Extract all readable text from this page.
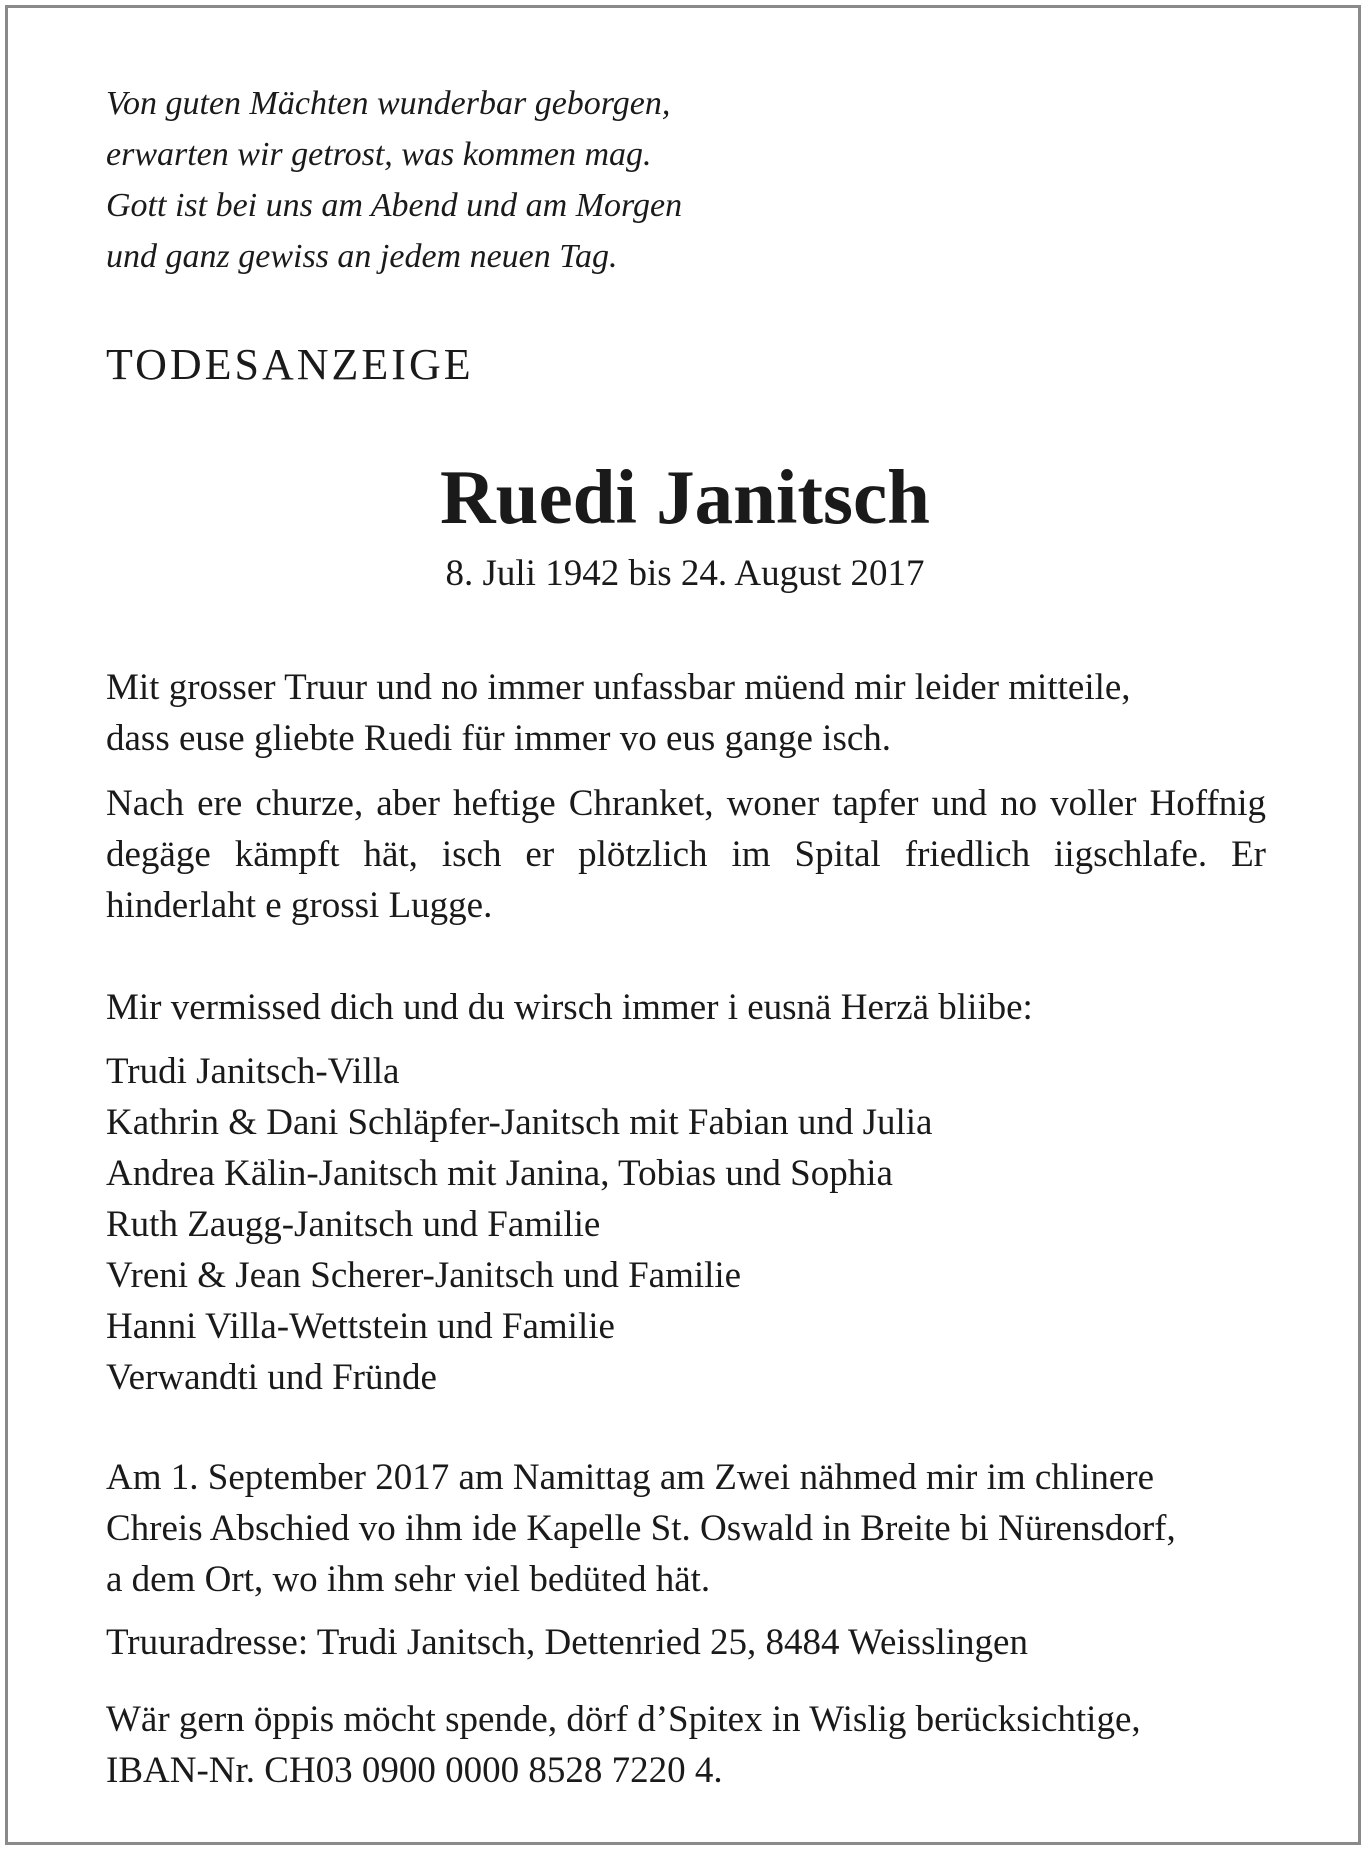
Von guten Mächten wunderbar geborgen,
erwarten wir getrost, was kommen mag.
Gott ist bei uns am Abend und am Morgen
und ganz gewiss an jedem neuen Tag.
TODESANZEIGE
Ruedi Janitsch
8. Juli 1942 bis 24. August 2017
Mit grosser Truur und no immer unfassbar müend mir leider mitteile,
dass euse gliebte Ruedi für immer vo eus gange isch.
Nach ere churze, aber heftige Chranket, woner tapfer und no voller Hoffnig degäge kämpft hät, isch er plötzlich im Spital friedlich iigschlafe. Er hinderlaht e grossi Lugge.
Mir vermissed dich und du wirsch immer i eusnä Herzä bliibe:
Trudi Janitsch-Villa
Kathrin & Dani Schläpfer-Janitsch mit Fabian und Julia
Andrea Kälin-Janitsch mit Janina, Tobias und Sophia
Ruth Zaugg-Janitsch und Familie
Vreni & Jean Scherer-Janitsch und Familie
Hanni Villa-Wettstein und Familie
Verwandti und Fründe
Am 1. September 2017 am Namittag am Zwei nähmed mir im chlinere
Chreis Abschied vo ihm ide Kapelle St. Oswald in Breite bi Nürensdorf,
a dem Ort, wo ihm sehr viel bedüted hät.
Truuradresse: Trudi Janitsch, Dettenried 25, 8484 Weisslingen
Wär gern öppis möcht spende, dörf d’Spitex in Wislig berücksichtige,
IBAN-Nr. CH03 0900 0000 8528 7220 4.
